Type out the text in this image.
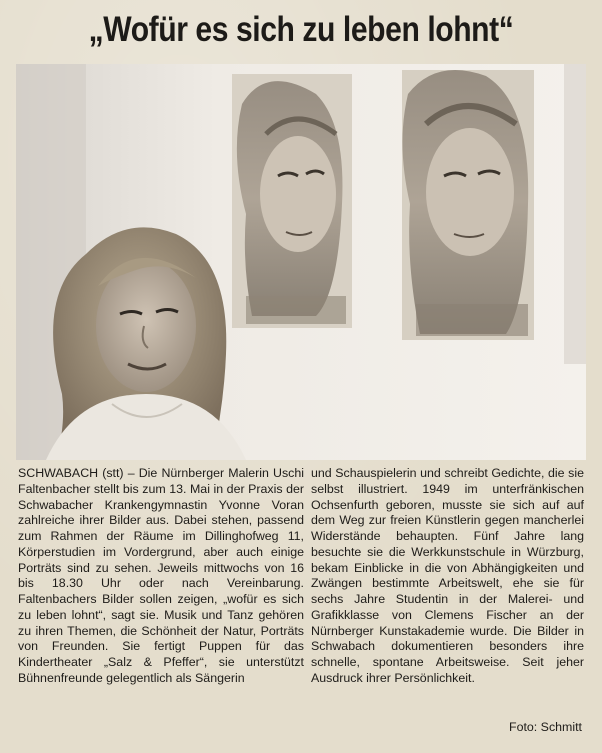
„Wofür es sich zu leben lohnt“
SCHWABACH (stt) – Die Nürnberger Malerin Uschi Faltenbacher stellt bis zum 13. Mai in der Praxis der Schwabacher Krankengymnastin Yvonne Voran zahlreiche ihrer Bilder aus. Dabei stehen, passend zum Rahmen der Räume im Dillinghofweg 11, Körperstudien im Vordergrund, aber auch einige Porträts sind zu sehen. Jeweils mittwochs von 16 bis 18.30 Uhr oder nach Vereinbarung. Faltenbachers Bilder sollen zeigen, „wofür es sich zu leben lohnt“, sagt sie. Musik und Tanz gehören zu ihren Themen, die Schönheit der Natur, Porträts von Freunden. Sie fertigt Puppen für das Kindertheater „Salz & Pfeffer“, sie unterstützt Bühnenfreunde gelegentlich als Sängerin
und Schauspielerin und schreibt Gedichte, die sie selbst illustriert. 1949 im unterfränkischen Ochsenfurth geboren, musste sie sich auf auf dem Weg zur freien Künstlerin gegen mancherlei Widerstände behaupten. Fünf Jahre lang besuchte sie die Werkkunstschule in Würzburg, bekam Einblicke in die von Abhängigkeiten und Zwängen bestimmte Arbeitswelt, ehe sie für sechs Jahre Studentin in der Malerei- und Grafikklasse von Clemens Fischer an der Nürnberger Kunstakademie wurde. Die Bilder in Schwabach dokumentieren besonders ihre schnelle, spontane Arbeitsweise. Seit jeher Ausdruck ihrer Persönlichkeit.
Foto: Schmitt
